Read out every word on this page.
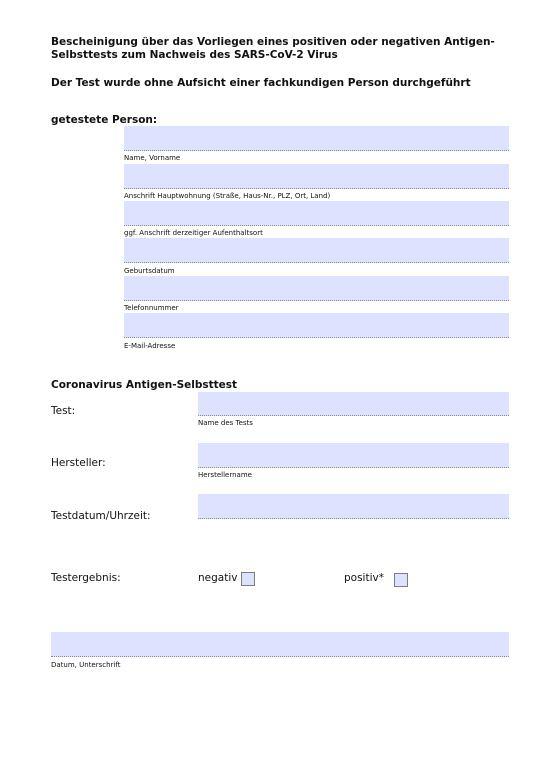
Bescheinigung über das Vorliegen eines positiven oder negativen Antigen-Selbsttests zum Nachweis des SARS-CoV-2 Virus
Der Test wurde ohne Aufsicht einer fachkundigen Person durchgeführt
getestete Person:
Name, Vorname
Anschrift Hauptwohnung (Straße, Haus-Nr., PLZ, Ort, Land)
ggf. Anschrift derzeitiger Aufenthaltsort
Geburtsdatum
Telefonnummer
E-Mail-Adresse
Coronavirus Antigen-Selbsttest
Test:
Name des Tests
Hersteller:
Herstellername
Testdatum/Uhrzeit:
Testergebnis:	negativ	positiv*
Datum, Unterschrift
